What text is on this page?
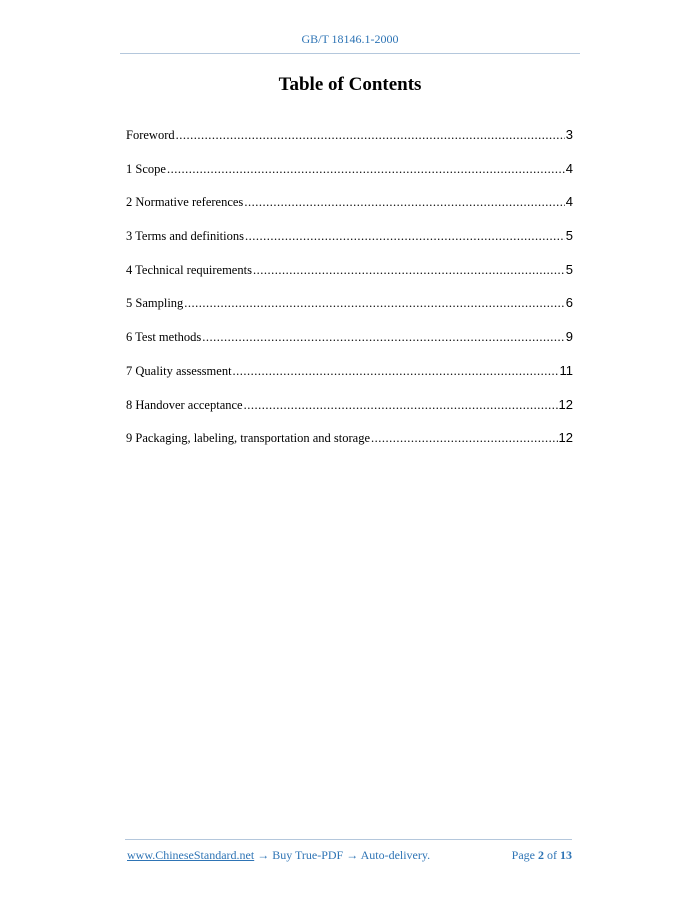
GB/T 18146.1-2000
Table of Contents
Foreword .....	3
1 Scope .....	4
2 Normative references .....	4
3 Terms and definitions .....	5
4 Technical requirements .....	5
5 Sampling .....	6
6 Test methods .....	9
7 Quality assessment .....	11
8 Handover acceptance .....	12
9 Packaging, labeling, transportation and storage .....	12
www.ChineseStandard.net → Buy True-PDF → Auto-delivery.	Page 2 of 13
